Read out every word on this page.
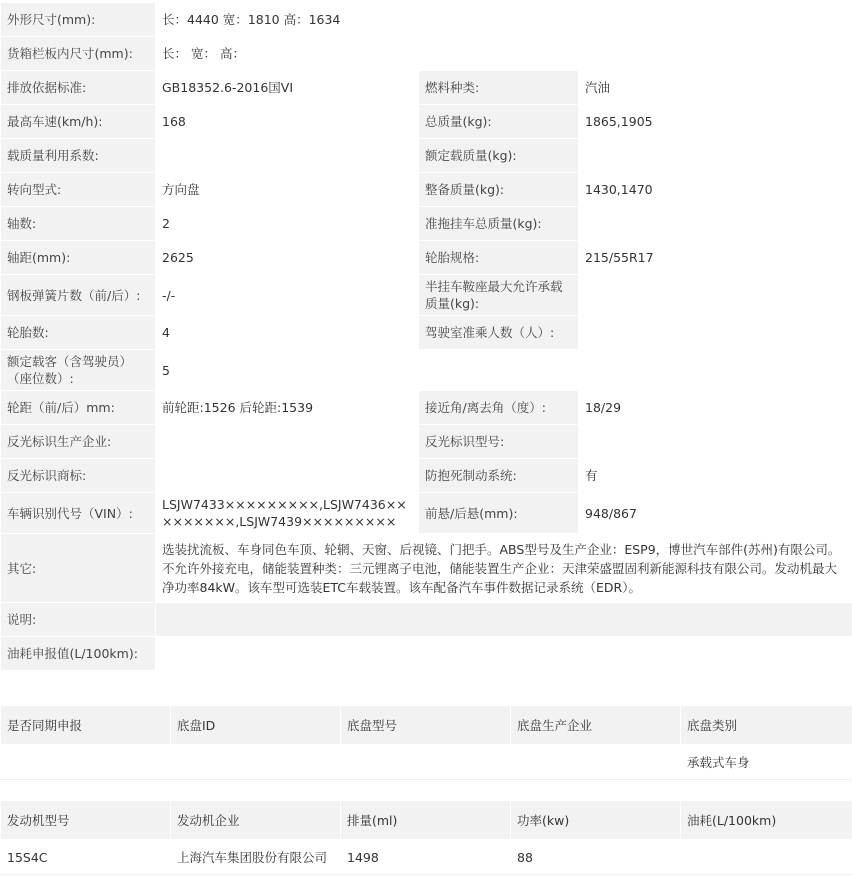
外形尺寸(mm):	长：4440 宽：1810 高：1634		
货箱栏板内尺寸(mm):	长： 宽： 高：		
排放依据标准:	GB18352.6-2016国VI	燃料种类:	汽油
最高车速(km/h):	168	总质量(kg):	1865,1905
载质量利用系数:		额定载质量(kg):	
转向型式:	方向盘	整备质量(kg):	1430,1470
轴数:	2	准拖挂车总质量(kg):	
轴距(mm):	2625	轮胎规格:	215/55R17
钢板弹簧片数（前/后）:	-/-	半挂车鞍座最大允许承载质量(kg):	
轮胎数:	4	驾驶室准乘人数（人）:	
额定载客（含驾驶员）（座位数）:	5		
轮距（前/后）mm:	前轮距:1526 后轮距:1539	接近角/离去角（度）:	18/29
反光标识生产企业:		反光标识型号:	
反光标识商标:		防抱死制动系统:	有
车辆识别代号（VIN）:	LSJW7433×××××××××,LSJW7436×××××××××,LSJW7439×××××××××	前悬/后悬(mm):	948/867
其它:	选装扰流板、车身同色车顶、轮辋、天窗、后视镜、门把手。ABS型号及生产企业：ESP9，博世汽车部件(苏州)有限公司。不允许外接充电，储能装置种类：三元锂离子电池，储能装置生产企业：天津荣盛盟固利新能源科技有限公司。发动机最大净功率84kW。该车型可选装ETC车载装置。该车配备汽车事件数据记录系统（EDR）。		
说明:			
油耗申报值(L/100km):			
是否同期申报	底盘ID	底盘型号	底盘生产企业	底盘类别
				承载式车身
发动机型号	发动机企业	排量(ml)	功率(kw)	油耗(L/100km)
15S4C	上海汽车集团股份有限公司	1498	88	
